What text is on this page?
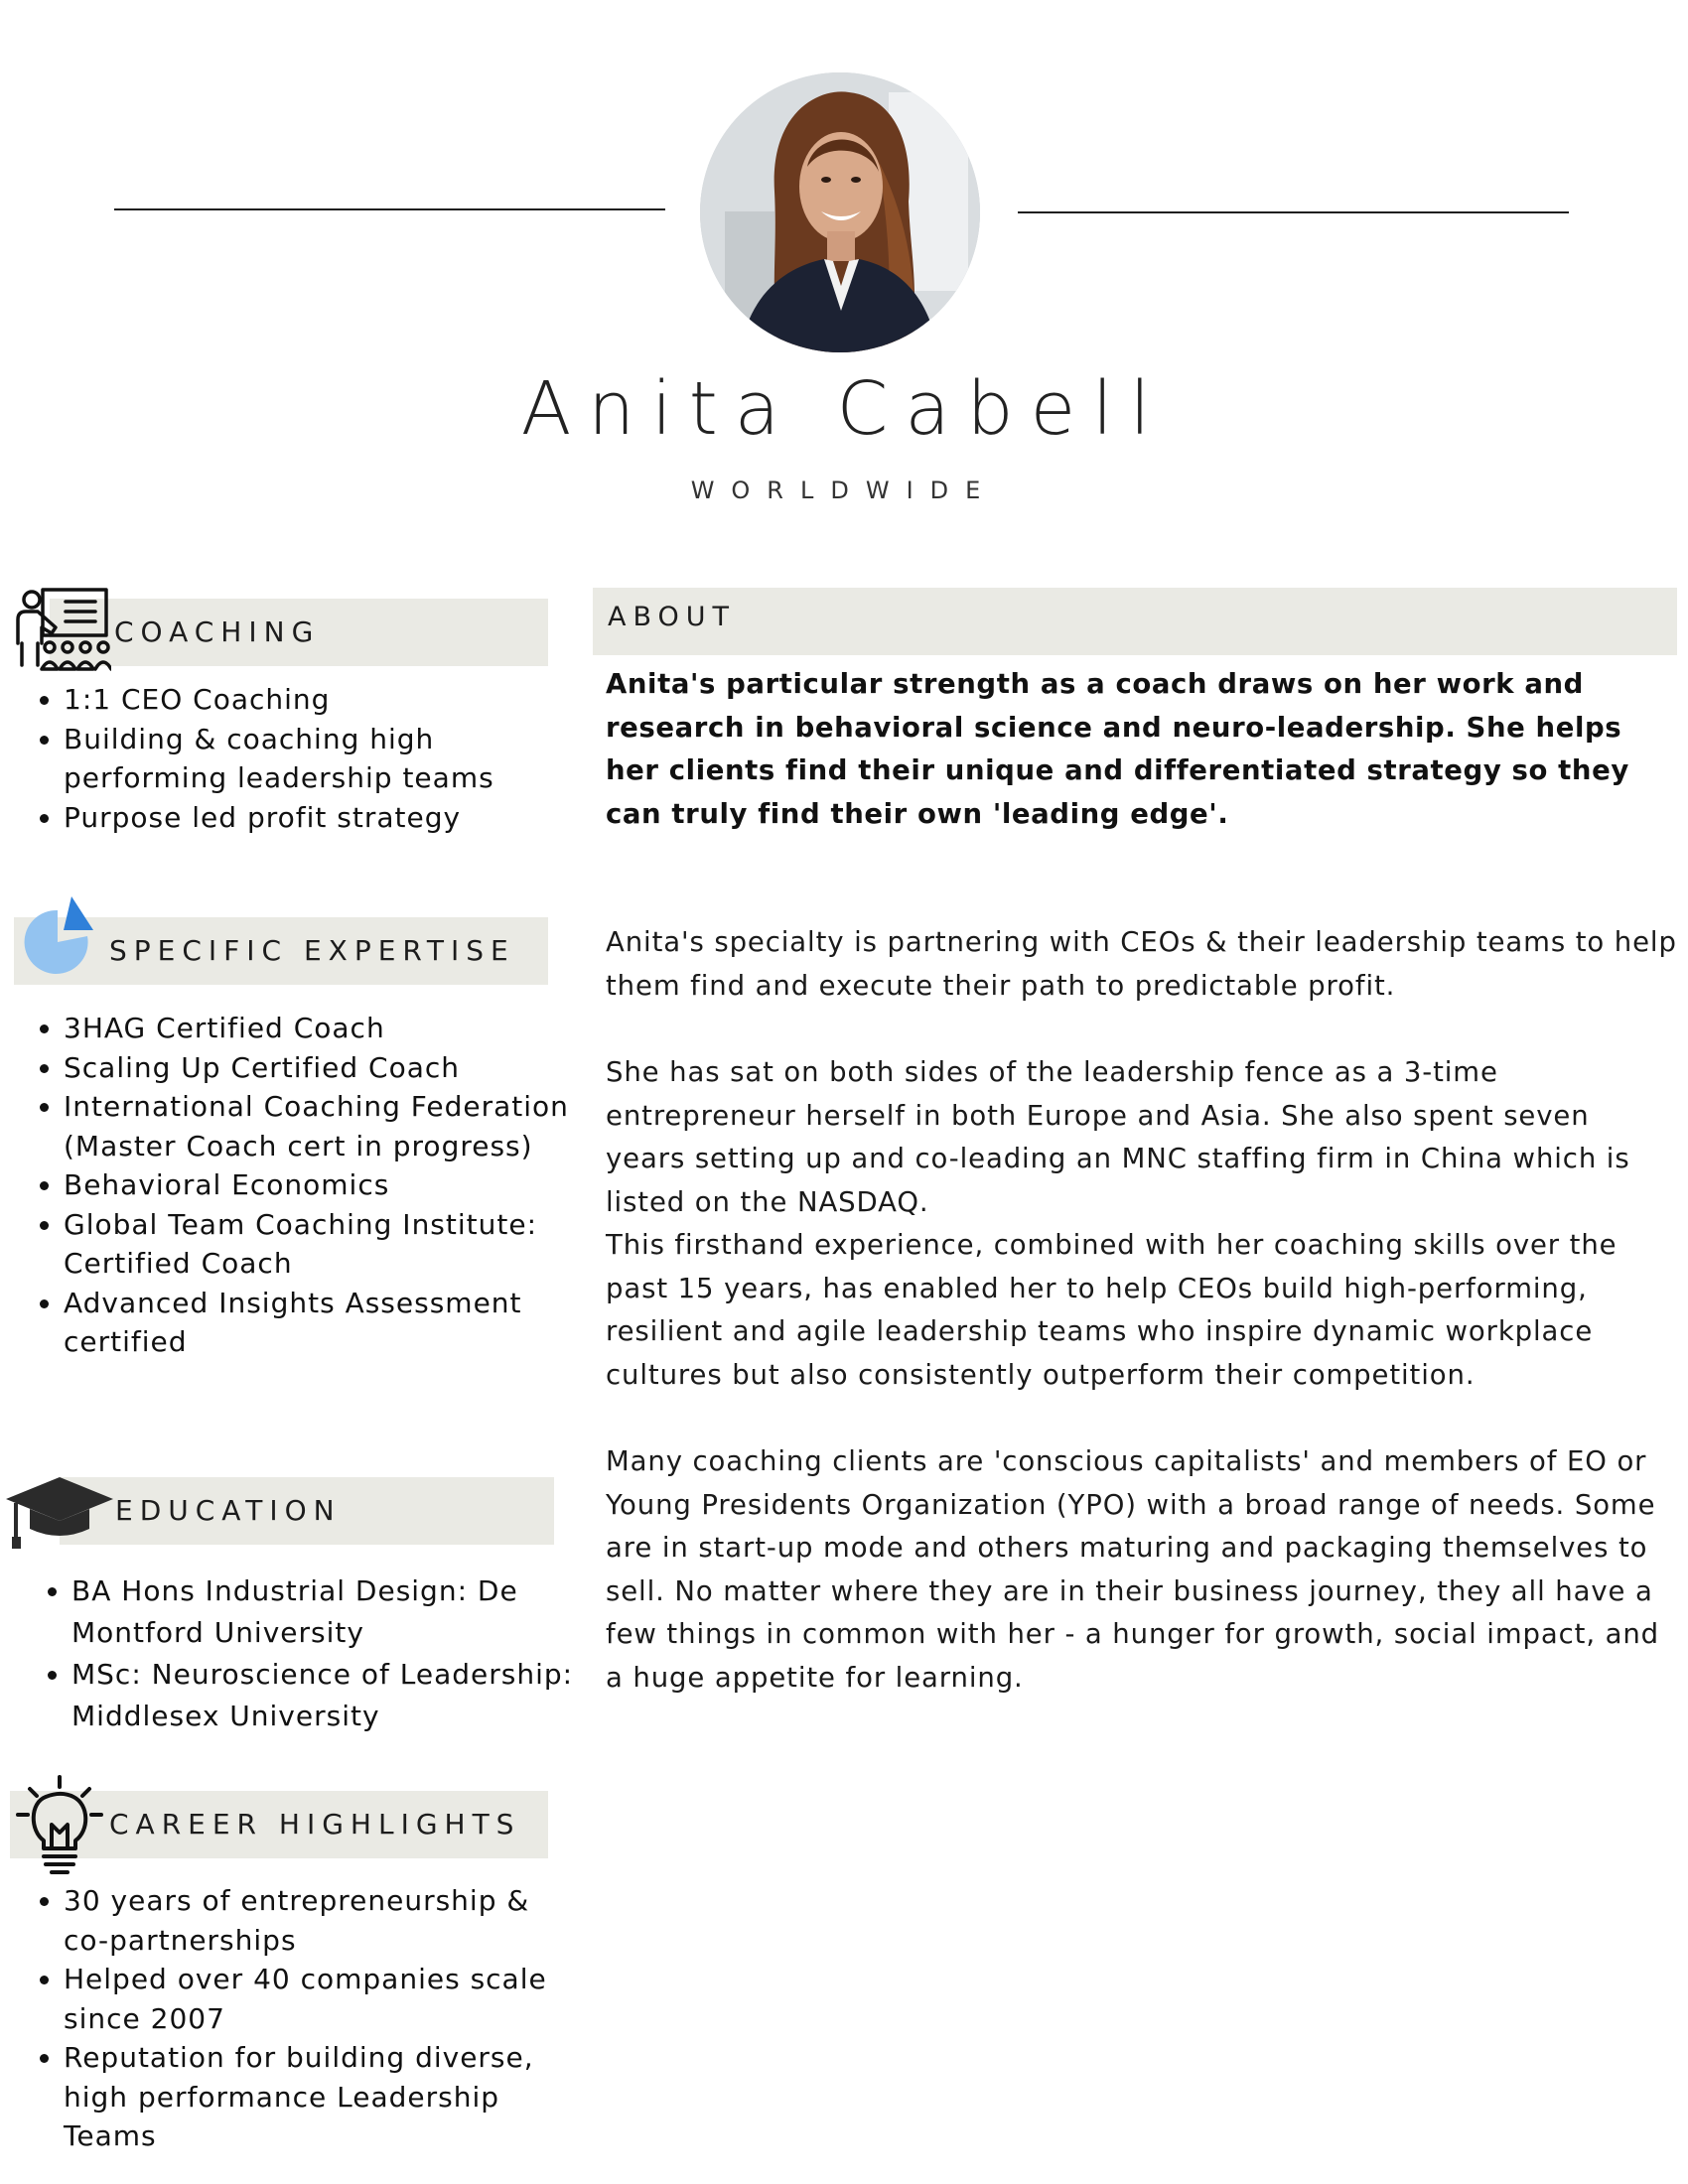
Anita Cabell
WORLDWIDE
COACHING
• 1:1 CEO Coaching
• Building & coaching high performing leadership teams
• Purpose led profit strategy
SPECIFIC EXPERTISE
• 3HAG Certified Coach
• Scaling Up Certified Coach
• International Coaching Federation (Master Coach cert in progress)
• Behavioral Economics
• Global Team Coaching Institute: Certified Coach
• Advanced Insights Assessment certified
EDUCATION
• BA Hons Industrial Design: De Montford University
• MSc: Neuroscience of Leadership: Middlesex University
CAREER HIGHLIGHTS
• 30 years of entrepreneurship & co-partnerships
• Helped over 40 companies scale since 2007
• Reputation for building diverse, high performance Leadership Teams
ABOUT
Anita's particular strength as a coach draws on her work and research in behavioral science and neuro-leadership. She helps her clients find their unique and differentiated strategy so they can truly find their own 'leading edge'.

Anita's specialty is partnering with CEOs & their leadership teams to help them find and execute their path to predictable profit.

She has sat on both sides of the leadership fence as a 3-time entrepreneur herself in both Europe and Asia. She also spent seven years setting up and co-leading an MNC staffing firm in China which is listed on the NASDAQ.

This firsthand experience, combined with her coaching skills over the past 15 years, has enabled her to help CEOs build high-performing, resilient and agile leadership teams who inspire dynamic workplace cultures but also consistently outperform their competition.

Many coaching clients are 'conscious capitalists' and members of EO or Young Presidents Organization (YPO) with a broad range of needs. Some are in start-up mode and others maturing and packaging themselves to sell. No matter where they are in their business journey, they all have a few things in common with her - a hunger for growth, social impact, and a huge appetite for learning.
